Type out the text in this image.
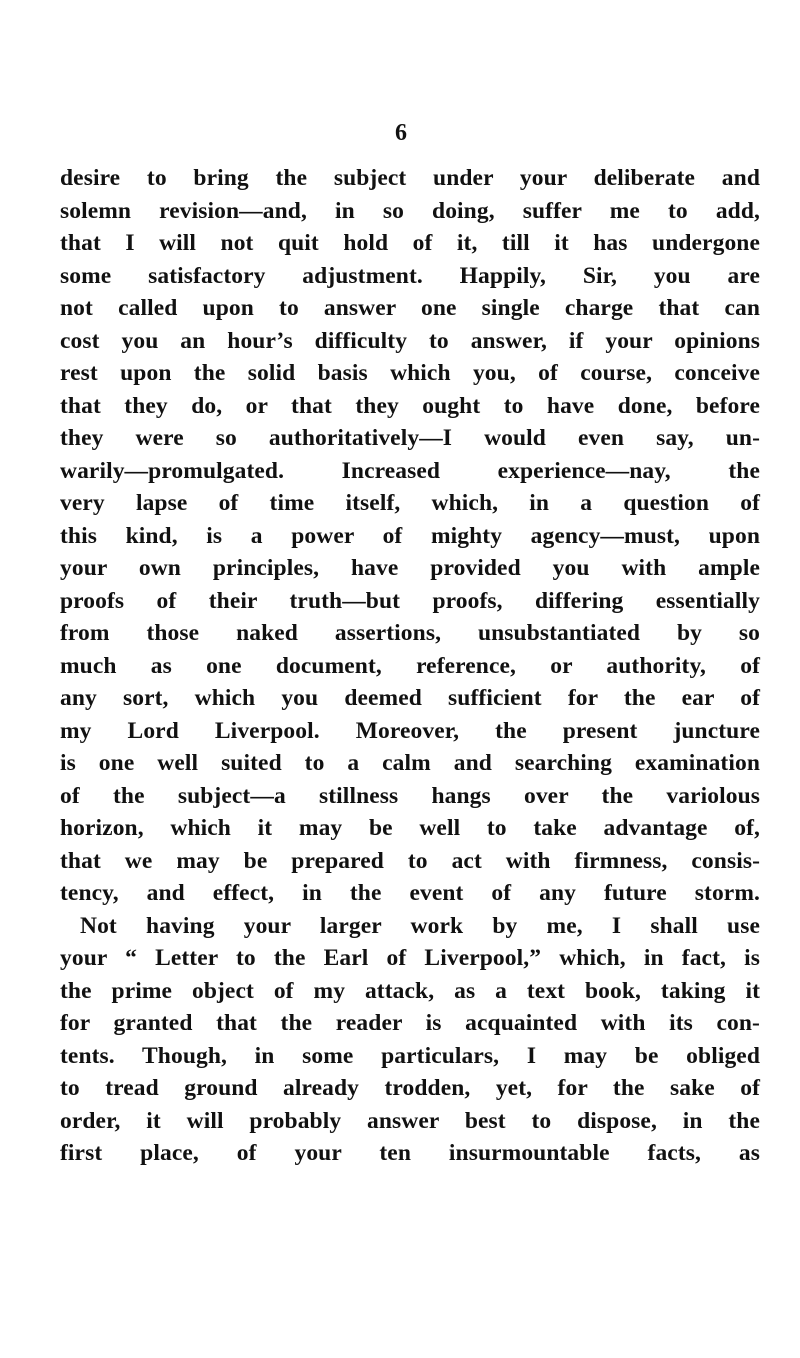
6
desire to bring the subject under your deliberate and
solemn revision—and, in so doing, suffer me to add,
that I will not quit hold of it, till it has undergone
some satisfactory adjustment. Happily, Sir, you are
not called upon to answer one single charge that can
cost you an hour’s difficulty to answer, if your opinions
rest upon the solid basis which you, of course, conceive
that they do, or that they ought to have done, before
they were so authoritatively—I would even say, un-
warily—promulgated. Increased experience—nay, the
very lapse of time itself, which, in a question of
this kind, is a power of mighty agency—must, upon
your own principles, have provided you with ample
proofs of their truth—but proofs, differing essentially
from those naked assertions, unsubstantiated by so
much as one document, reference, or authority, of
any sort, which you deemed sufficient for the ear of
my Lord Liverpool. Moreover, the present juncture
is one well suited to a calm and searching examination
of the subject—a stillness hangs over the variolous
horizon, which it may be well to take advantage of,
that we may be prepared to act with firmness, consis-
tency, and effect, in the event of any future storm.
Not having your larger work by me, I shall use
your “ Letter to the Earl of Liverpool,” which, in fact, is
the prime object of my attack, as a text book, taking it
for granted that the reader is acquainted with its con-
tents. Though, in some particulars, I may be obliged
to tread ground already trodden, yet, for the sake of
order, it will probably answer best to dispose, in the
first place, of your ten insurmountable facts, as
